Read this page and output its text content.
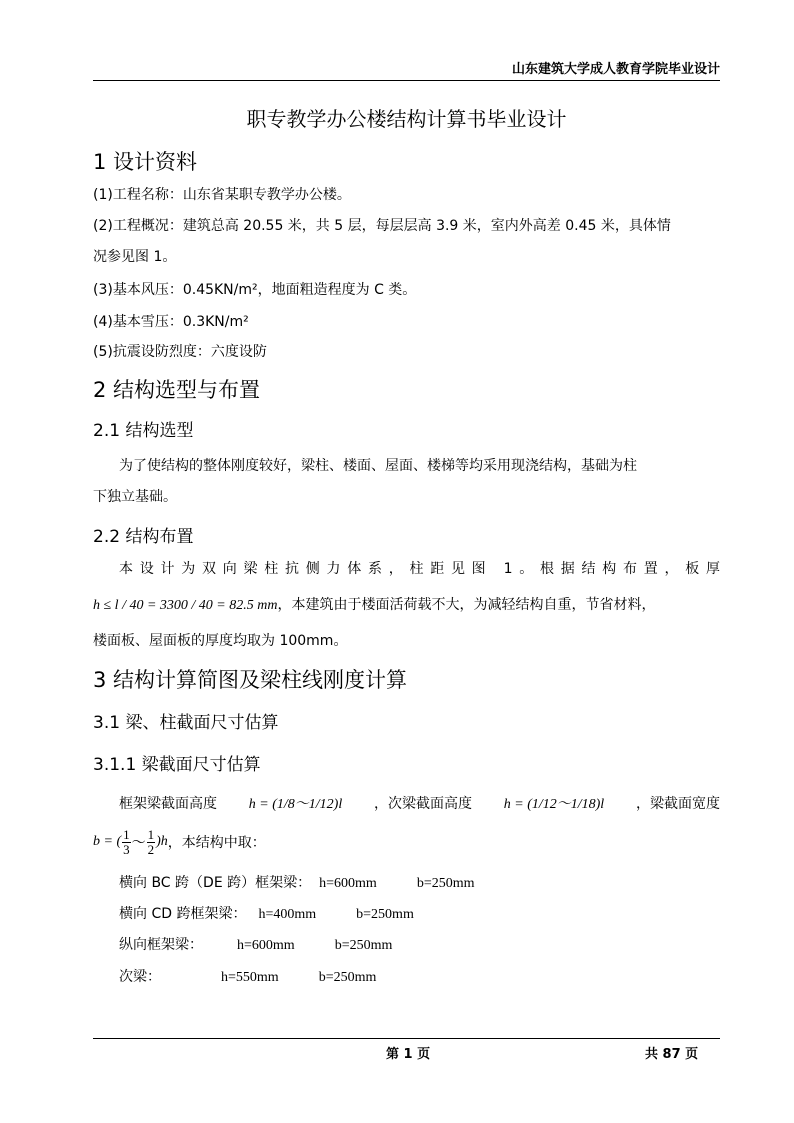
山东建筑大学成人教育学院毕业设计
职专教学办公楼结构计算书毕业设计
1 设计资料
(1)工程名称：山东省某职专教学办公楼。
(2)工程概况：建筑总高 20.55 米，共 5 层，每层层高 3.9 米，室内外高差 0.45 米，具体情
况参见图 1。
(3)基本风压：0.45KN/m²，地面粗造程度为 C 类。
(4)基本雪压：0.3KN/m²
(5)抗震设防烈度：六度设防
2 结构选型与布置
2.1 结构选型
为了使结构的整体刚度较好，梁柱、楼面、屋面、楼梯等均采用现浇结构，基础为柱
下独立基础。
2.2 结构布置
本设计为双向梁柱抗侧力体系，柱距见图 1。根据结构布置，板厚
h ≤ l / 40 = 3300 / 40 = 82.5 mm，本建筑由于楼面活荷载不大，为减轻结构自重，节省材料，
楼面板、屋面板的厚度均取为 100mm。
3 结构计算简图及梁柱线刚度计算
3.1 梁、柱截面尺寸估算
3.1.1 梁截面尺寸估算
框架梁截面高度 h = (1/8～1/12)l ，次梁截面高度 h = (1/12～1/18)l ，梁截面宽度
b = ( $\frac{1}{3}$ ～ $\frac{1}{2} )h$ ，本结构中取：
横向 BC 跨（DE 跨）框架梁： h=600mm	b=250mm
横向 CD 跨框架梁： h=400mm	b=250mm
纵向框架梁： h=600mm	b=250mm
次梁：	h=550mm	b=250mm
第 1 页	共 87 页
